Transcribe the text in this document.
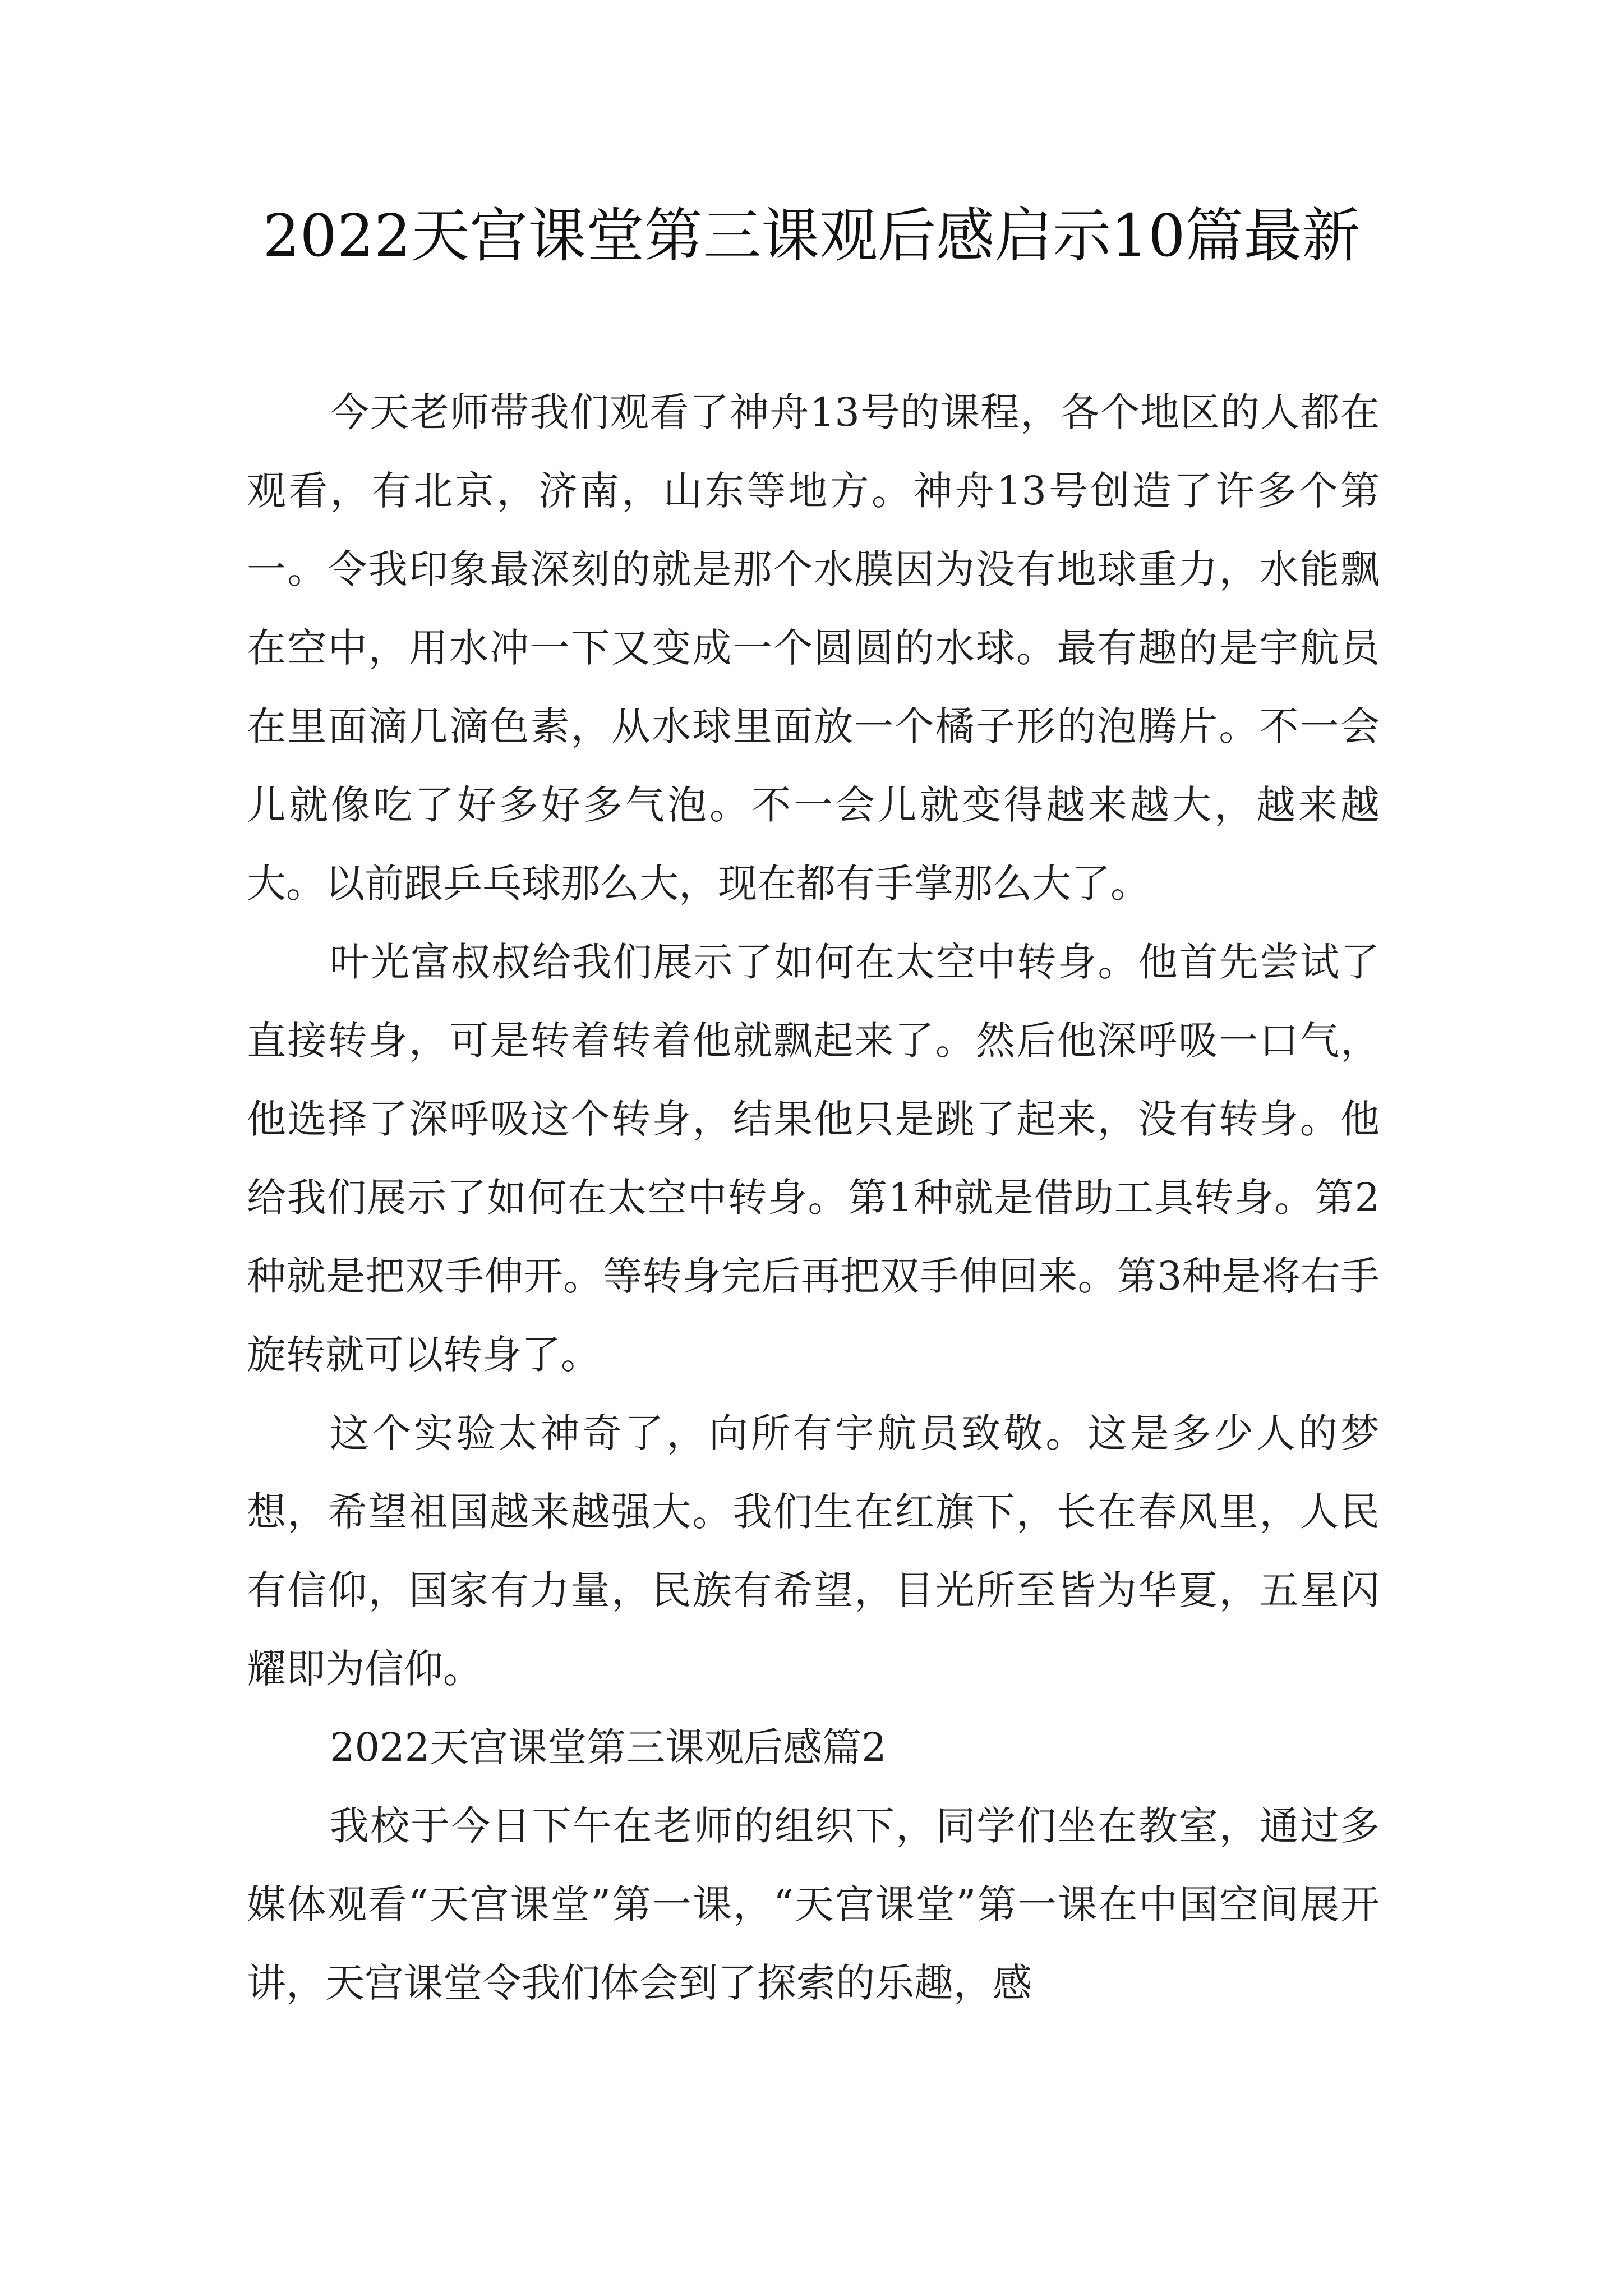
2022天宫课堂第三课观后感启示10篇最新

今天老师带我们观看了神舟13号的课程，各个地区的人都在观看，有北京，济南，山东等地方。神舟13号创造了许多个第一。令我印象最深刻的就是那个水膜因为没有地球重力，水能飘在空中，用水冲一下又变成一个圆圆的水球。最有趣的是宇航员在里面滴几滴色素，从水球里面放一个橘子形的泡腾片。不一会儿就像吃了好多好多气泡。不一会儿就变得越来越大，越来越大。以前跟乒乓球那么大，现在都有手掌那么大了。

叶光富叔叔给我们展示了如何在太空中转身。他首先尝试了直接转身，可是转着转着他就飘起来了。然后他深呼吸一口气，他选择了深呼吸这个转身，结果他只是跳了起来，没有转身。他给我们展示了如何在太空中转身。第1种就是借助工具转身。第2种就是把双手伸开。等转身完后再把双手伸回来。第3种是将右手旋转就可以转身了。

这个实验太神奇了，向所有宇航员致敬。这是多少人的梦想，希望祖国越来越强大。我们生在红旗下，长在春风里，人民有信仰，国家有力量，民族有希望，目光所至皆为华夏，五星闪耀即为信仰。

2022天宫课堂第三课观后感篇2

我校于今日下午在老师的组织下，同学们坐在教室，通过多媒体观看“天宫课堂”第一课，“天宫课堂”第一课在中国空间展开讲，天宫课堂令我们体会到了探索的乐趣，感
